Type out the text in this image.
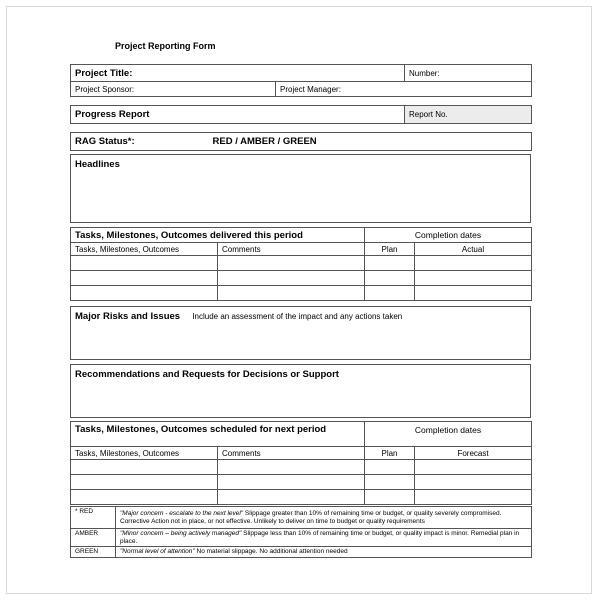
Project Reporting Form
Project Title:		Number:
Project Sponsor:	Project Manager:	
Progress Report	Report No.
RAG Status*:	RED / AMBER / GREEN
Headlines
Tasks, Milestones, Outcomes delivered this period		Completion dates	
Tasks, Milestones, Outcomes	Comments	Plan	Actual

Major Risks and Issues Include an assessment of the impact and any actions taken
Recommendations and Requests for Decisions or Support
Tasks, Milestones, Outcomes scheduled for next period		Completion dates	
Tasks, Milestones, Outcomes	Comments	Plan	Forecast

* RED	"Major concern - escalate to the next level" Slippage greater than 10% of remaining time or budget, or quality severely compromised. Corrective Action not in place, or not effective. Unlikely to deliver on time to budget or quality requirements
AMBER	"Minor concern – being actively managed" Slippage less than 10% of remaining time or budget, or quality impact is minor. Remedial plan in place.
GREEN	"Normal level of attention" No material slippage. No additional attention needed
